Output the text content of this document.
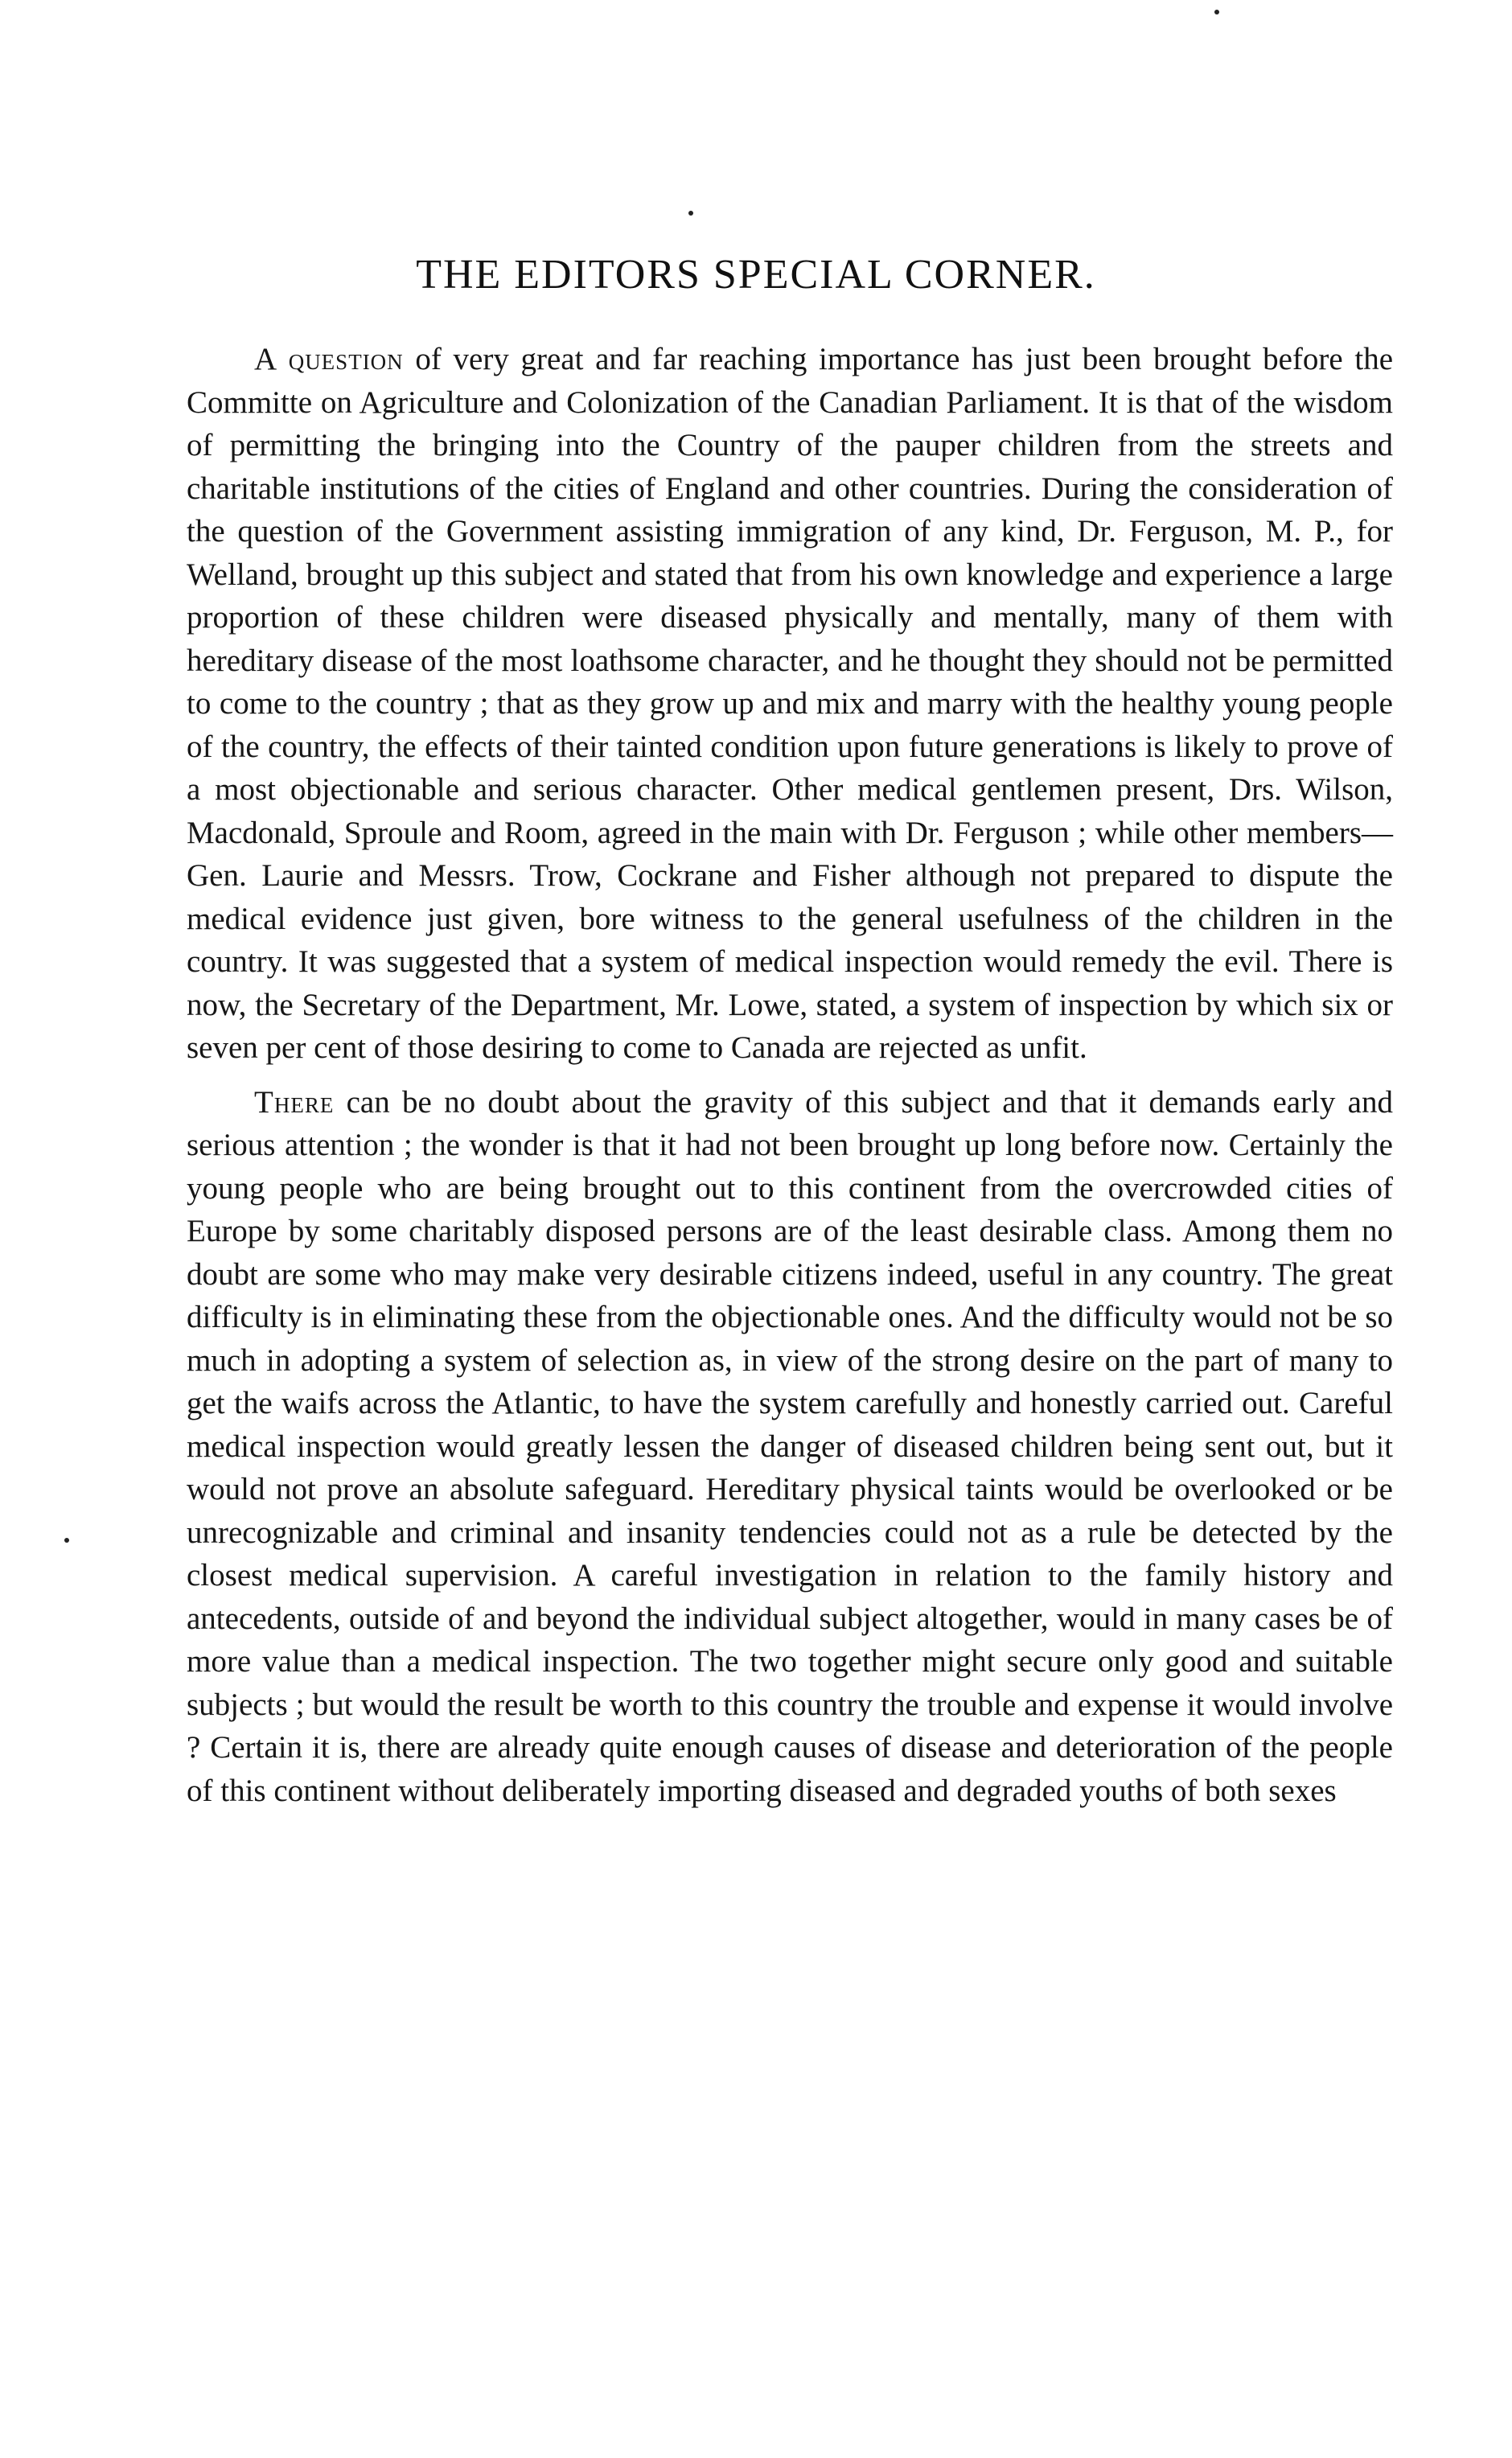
THE EDITORS SPECIAL CORNER.

A question of very great and far reaching importance has just been brought before the Committe on Agriculture and Colonization of the Canadian Parliament. It is that of the wisdom of permitting the bringing into the Country of the pauper children from the streets and charitable institutions of the cities of England and other countries. During the consideration of the question of the Government assisting immigration of any kind, Dr. Ferguson, M. P., for Welland, brought up this subject and stated that from his own knowledge and experience a large proportion of these children were diseased physically and mentally, many of them with hereditary disease of the most loathsome character, and he thought they should not be permitted to come to the country ; that as they grow up and mix and marry with the healthy young people of the country, the effects of their tainted condition upon future generations is likely to prove of a most objectionable and serious character. Other medical gentlemen present, Drs. Wilson, Macdonald, Sproule and Room, agreed in the main with Dr. Ferguson ; while other members—Gen. Laurie and Messrs. Trow, Cockrane and Fisher although not prepared to dispute the medical evidence just given, bore witness to the general usefulness of the children in the country. It was suggested that a system of medical inspection would remedy the evil. There is now, the Secretary of the Department, Mr. Lowe, stated, a system of inspection by which six or seven per cent of those desiring to come to Canada are rejected as unfit.

There can be no doubt about the gravity of this subject and that it demands early and serious attention ; the wonder is that it had not been brought up long before now. Certainly the young people who are being brought out to this continent from the overcrowded cities of Europe by some charitably disposed persons are of the least desirable class. Among them no doubt are some who may make very desirable citizens indeed, useful in any country. The great difficulty is in eliminating these from the objectionable ones. And the difficulty would not be so much in adopting a system of selection as, in view of the strong desire on the part of many to get the waifs across the Atlantic, to have the system carefully and honestly carried out. Careful medical inspection would greatly lessen the danger of diseased children being sent out, but it would not prove an absolute safeguard. Hereditary physical taints would be overlooked or be unrecognizable and criminal and insanity tendencies could not as a rule be detected by the closest medical supervision. A careful investigation in relation to the family history and antecedents, outside of and beyond the individual subject altogether, would in many cases be of more value than a medical inspection. The two together might secure only good and suitable subjects ; but would the result be worth to this country the trouble and expense it would involve ? Certain it is, there are already quite enough causes of disease and deterioration of the people of this continent without deliberately importing diseased and degraded youths of both sexes
